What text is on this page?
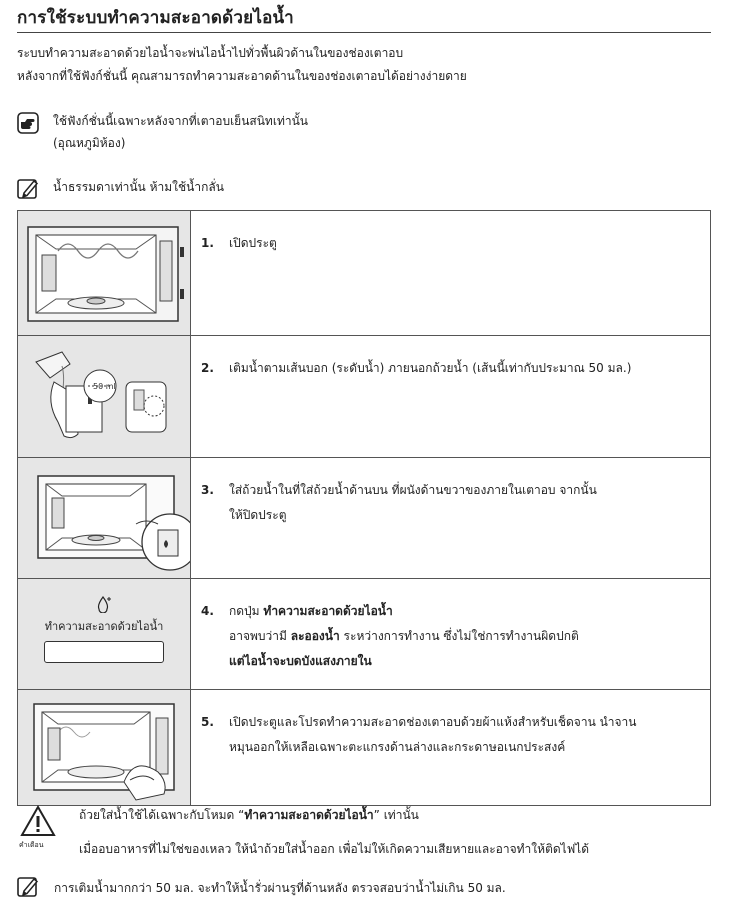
การใช้ระบบทำความสะอาดด้วยไอน้ำ
ระบบทำความสะอาดด้วยไอน้ำจะพ่นไอน้ำไปทั่วพื้นผิวด้านในของช่องเตาอบ
หลังจากที่ใช้ฟังก์ชั่นนี้ คุณสามารถทำความสะอาดด้านในของช่องเตาอบได้อย่างง่ายดาย
ใช้ฟังก์ชั่นนี้เฉพาะหลังจากที่เตาอบเย็นสนิทเท่านั้น
(อุณหภูมิห้อง)
น้ำธรรมดาเท่านั้น ห้ามใช้น้ำกลั่น

1. เปิดประตู

50 ml	2. เติมน้ำตามเส้นบอก (ระดับน้ำ) ภายนอกถ้วยน้ำ (เส้นนี้เท่ากับประมาณ 50 มล.)

3. ใส่ถ้วยน้ำในที่ใส่ถ้วยน้ำด้านบน ที่ผนังด้านขวาของภายในเตาอบ จากนั้น
ให้ปิดประตู

ทำความสะอาดด้วยไอน้ำ	4. กดปุ่ม ทำความสะอาดด้วยไอน้ำ
อาจพบว่ามี ละอองน้ำ ระหว่างการทำงาน ซึ่งไม่ใช่การทำงานผิดปกติ
แต่ไอน้ำจะบดบังแสงภายใน

5. เปิดประตูและโปรดทำความสะอาดช่องเตาอบด้วยผ้าแห้งสำหรับเช็ดจาน นำจาน
หมุนออกให้เหลือเฉพาะตะแกรงด้านล่างและกระดาษอเนกประสงค์
คำเตือน
ถ้วยใส่น้ำใช้ได้เฉพาะกับโหมด “ทำความสะอาดด้วยไอน้ำ” เท่านั้น
เมื่ออบอาหารที่ไม่ใช่ของเหลว ให้นำถ้วยใส่น้ำออก เพื่อไม่ให้เกิดความเสียหายและอาจทำให้ติดไฟได้
การเติมน้ำมากกว่า 50 มล. จะทำให้น้ำรั่วผ่านรูที่ด้านหลัง ตรวจสอบว่าน้ำไม่เกิน 50 มล.
